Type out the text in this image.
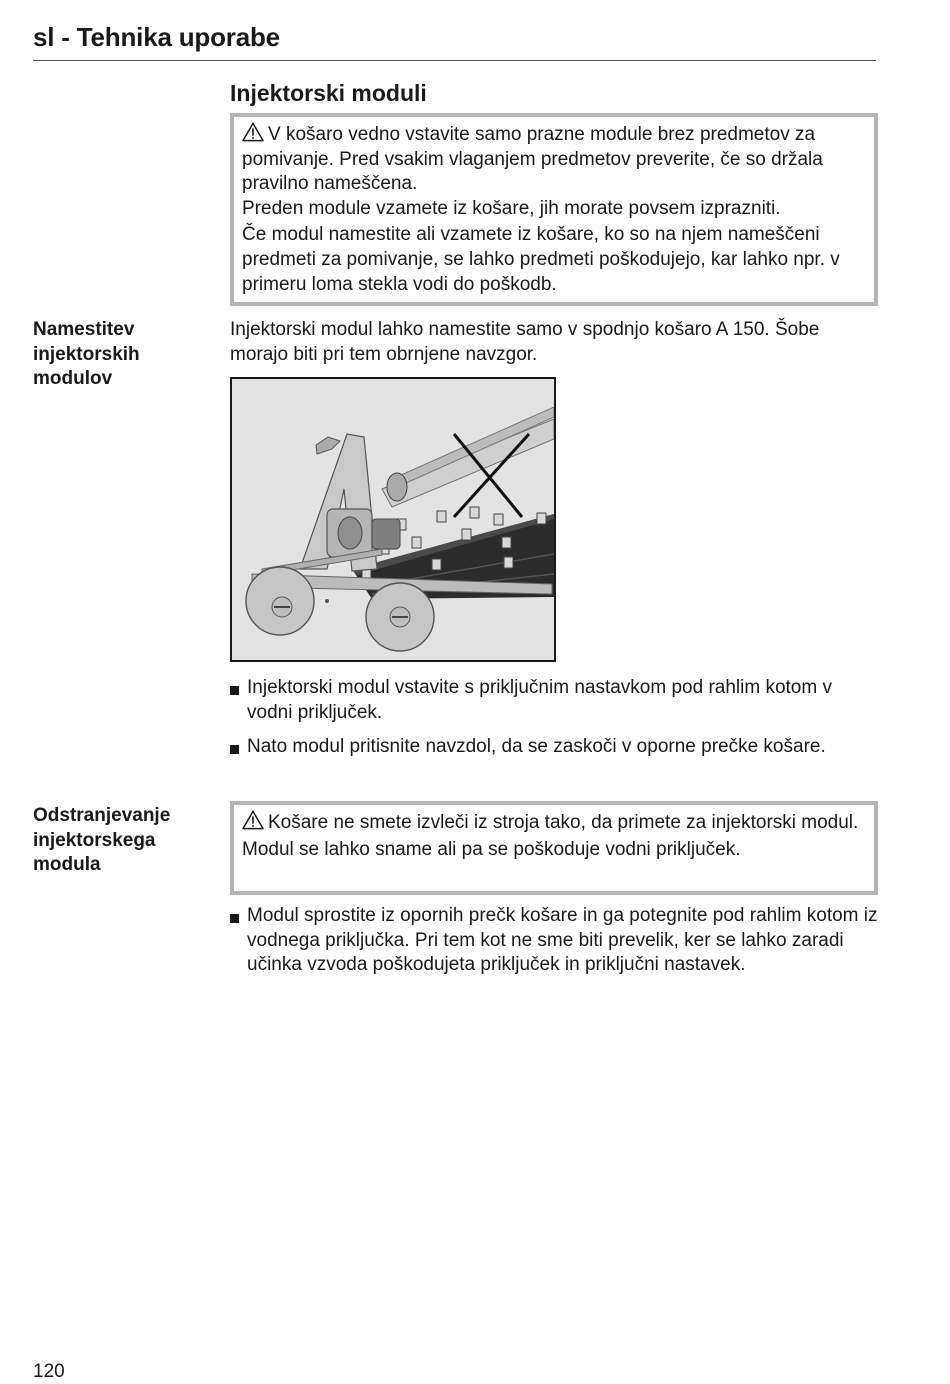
sl - Tehnika uporabe
Injektorski moduli

V košaro vedno vstavite samo prazne module brez predmetov za pomivanje. Pred vsakim vlaganjem predmetov preverite, če so držala pravilno nameščena.

Preden module vzamete iz košare, jih morate povsem izprazniti.

Če modul namestite ali vzamete iz košare, ko so na njem nameščeni predmeti za pomivanje, se lahko predmeti poškodujejo, kar lahko npr. v primeru loma stekla vodi do poškodb.

Namestitev injektorskih modulov
Injektorski modul lahko namestite samo v spodnjo košaro A 150. Šobe morajo biti pri tem obrnjene navzgor.
Injektorski modul vstavite s priključnim nastavkom pod rahlim kotom v vodni priključek.
Nato modul pritisnite navzdol, da se zaskoči v oporne prečke košare.
Odstranjevanje injektorskega modula

Košare ne smete izvleči iz stroja tako, da primete za injektorski modul.

Modul se lahko sname ali pa se poškoduje vodni priključek.

Modul sprostite iz opornih prečk košare in ga potegnite pod rahlim kotom iz vodnega priključka. Pri tem kot ne sme biti prevelik, ker se lahko zaradi učinka vzvoda poškodujeta priključek in priključni nastavek.
120
